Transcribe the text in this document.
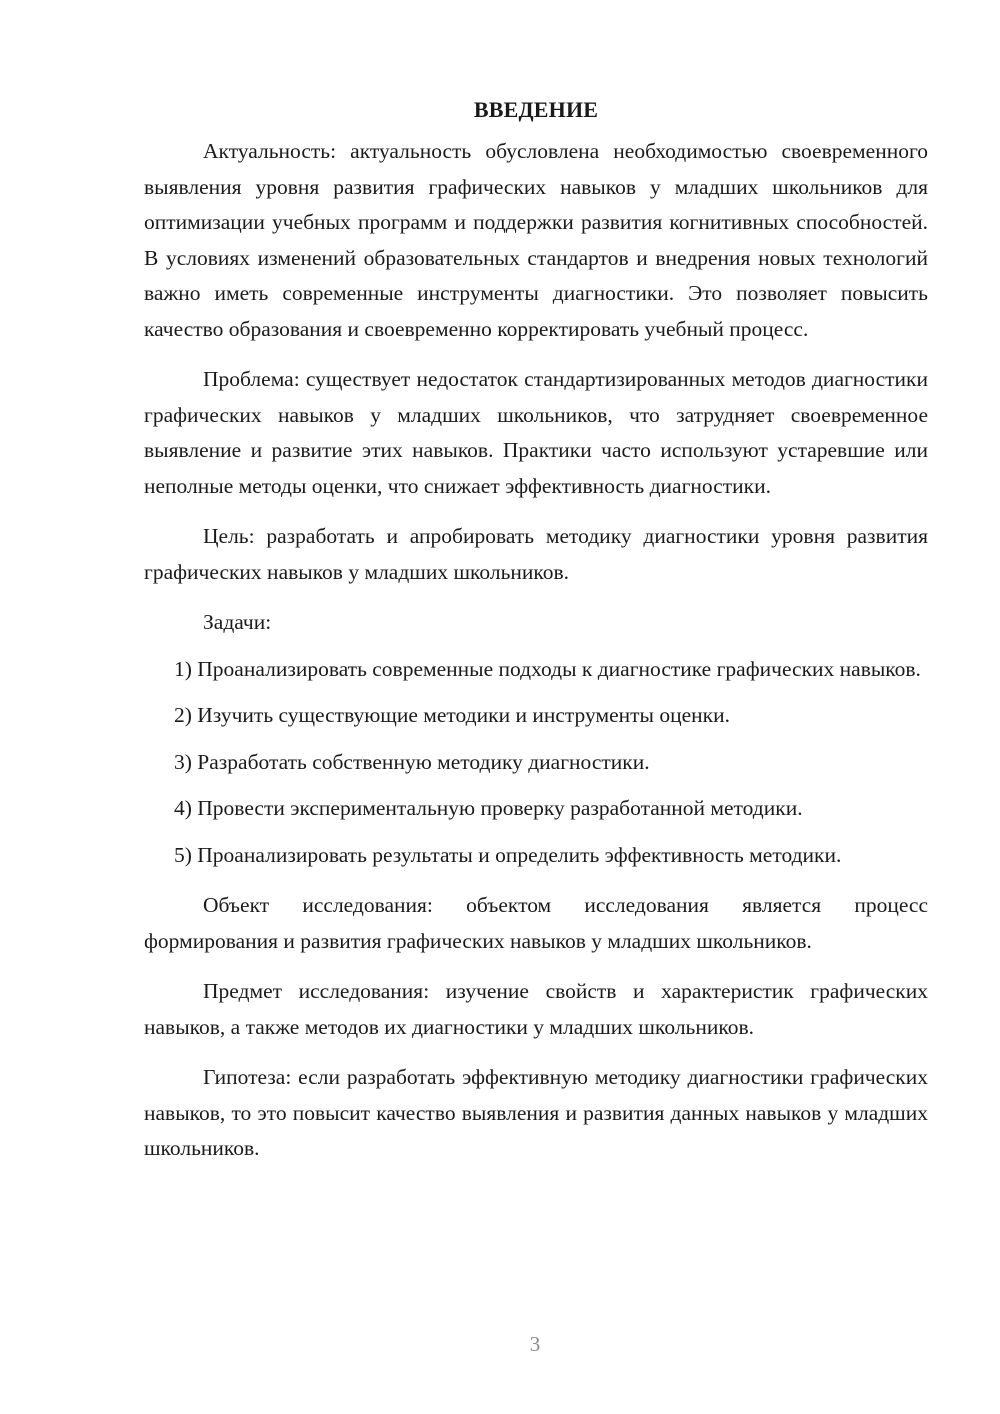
ВВЕДЕНИЕ

Актуальность: актуальность обусловлена необходимостью своевременного выявления уровня развития графических навыков у младших школьников для оптимизации учебных программ и поддержки развития когнитивных способностей. В условиях изменений образовательных стандартов и внедрения новых технологий важно иметь современные инструменты диагностики. Это позволяет повысить качество образования и своевременно корректировать учебный процесс.

Проблема: существует недостаток стандартизированных методов диагностики графических навыков у младших школьников, что затрудняет своевременное выявление и развитие этих навыков. Практики часто используют устаревшие или неполные методы оценки, что снижает эффективность диагностики.

Цель: разработать и апробировать методику диагностики уровня развития графических навыков у младших школьников.

Задачи:

1) Проанализировать современные подходы к диагностике графических навыков.

2) Изучить существующие методики и инструменты оценки.

3) Разработать собственную методику диагностики.

4) Провести экспериментальную проверку разработанной методики.

5) Проанализировать результаты и определить эффективность методики.

Объект исследования: объектом исследования является процесс формирования и развития графических навыков у младших школьников.

Предмет исследования: изучение свойств и характеристик графических навыков, а также методов их диагностики у младших школьников.

Гипотеза: если разработать эффективную методику диагностики графических навыков, то это повысит качество выявления и развития данных навыков у младших школьников.

3
